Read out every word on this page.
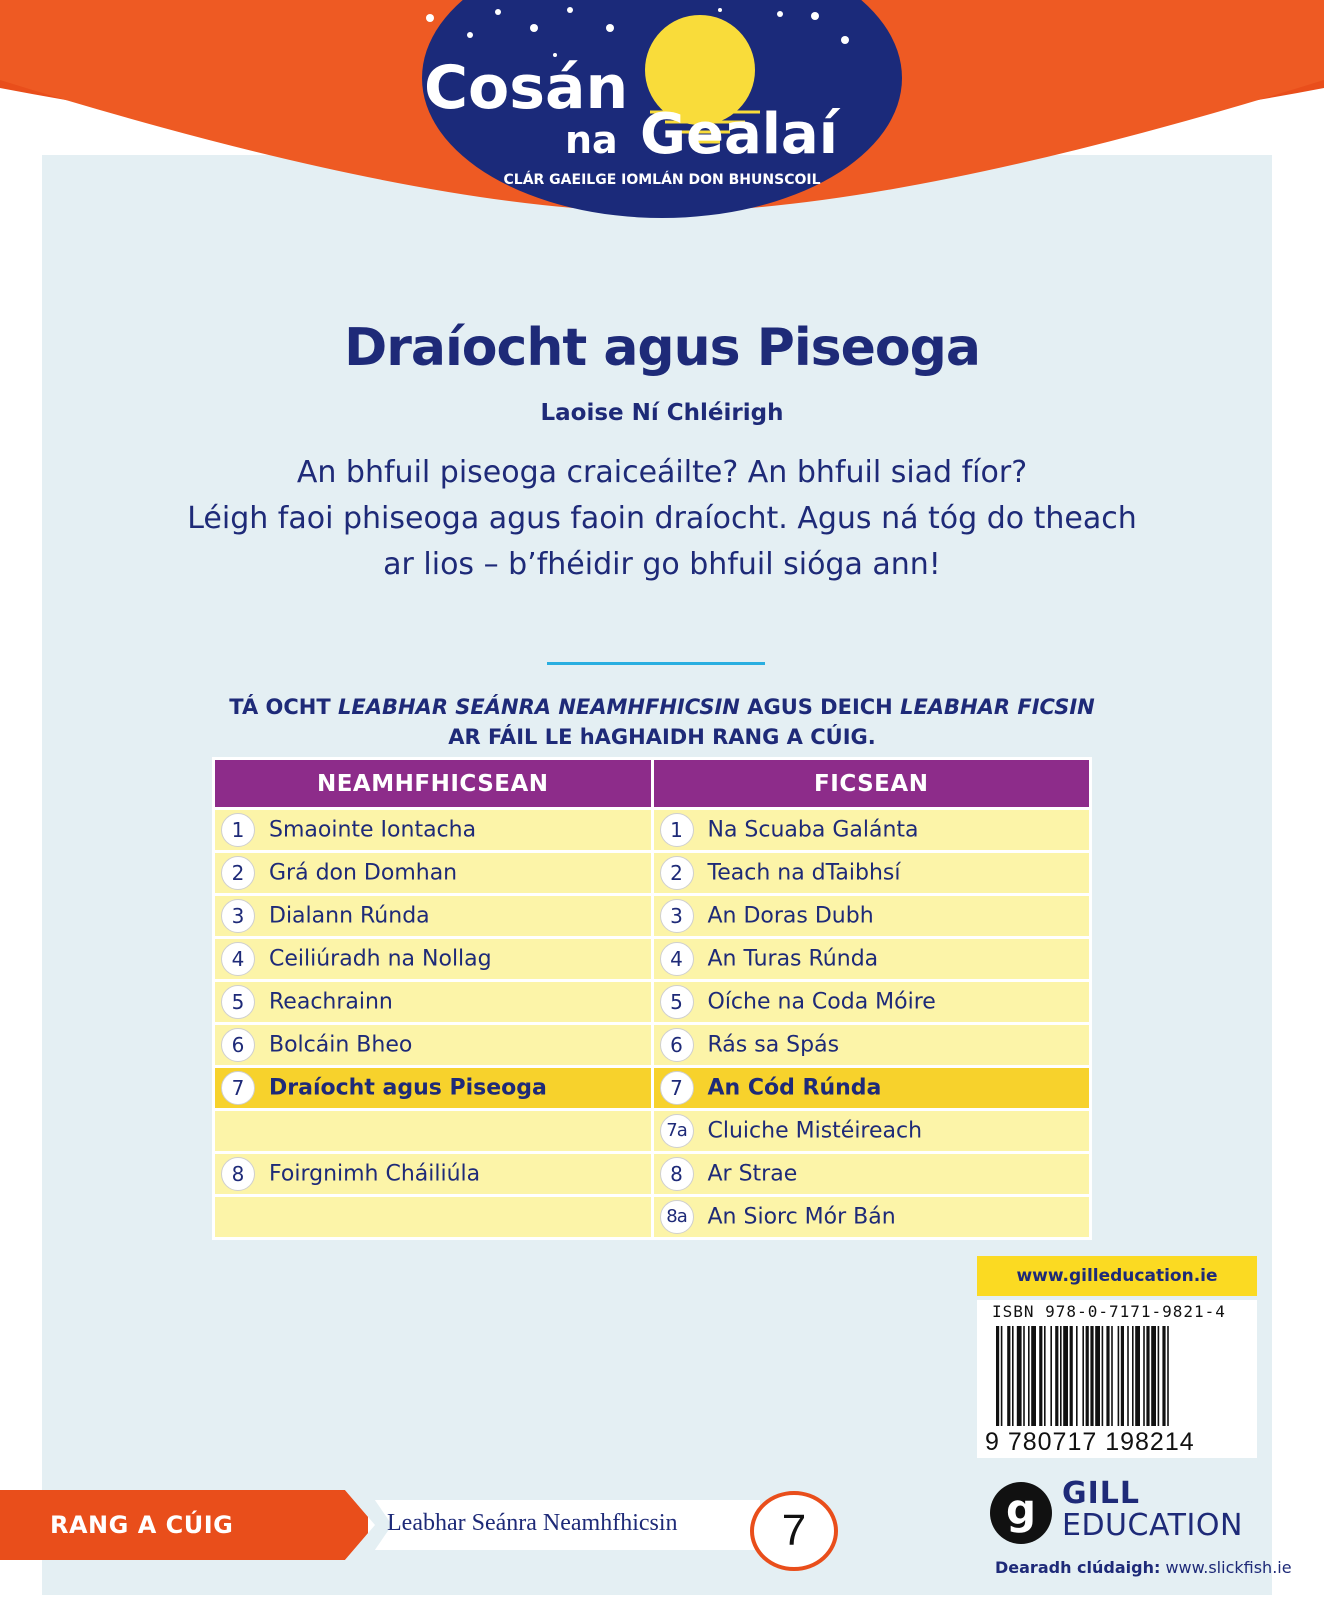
Cosán
na Gealaí
CLÁR GAEILGE IOMLÁN DON BHUNSCOIL
Draíocht agus Piseoga
Laoise Ní Chléirigh
An bhfuil piseoga craiceáilte? An bhfuil siad fíor?
Léigh faoi phiseoga agus faoin draíocht. Agus ná tóg do theach
ar lios – b’fhéidir go bhfuil sióga ann!
TÁ OCHT LEABHAR SEÁNRA NEAMHFHICSIN AGUS DEICH LEABHAR FICSIN
AR FÁIL LE hAGHAIDH RANG A CÚIG.
NEAMHFHICSEAN	FICSEAN
1 Smaointe Iontacha	1 Na Scuaba Galánta
2 Grá don Domhan	2 Teach na dTaibhsí
3 Dialann Rúnda	3 An Doras Dubh
4 Ceiliúradh na Nollag	4 An Turas Rúnda
5 Reachrainn	5 Oíche na Coda Móire
6 Bolcáin Bheo	6 Rás sa Spás
7 Draíocht agus Piseoga	7 An Cód Rúnda
	7a Cluiche Mistéireach
8 Foirgnimh Cháiliúla	8 Ar Strae
	8a An Siorc Mór Bán
www.gilleducation.ie
ISBN 978-0-7171-9821-4
9 780717 198214
RANG A CÚIG	Leabhar Seánra Neamhfhicsin	7	g GILL
EDUCATION
Dearadh clúdaigh: www.slickfish.ie
